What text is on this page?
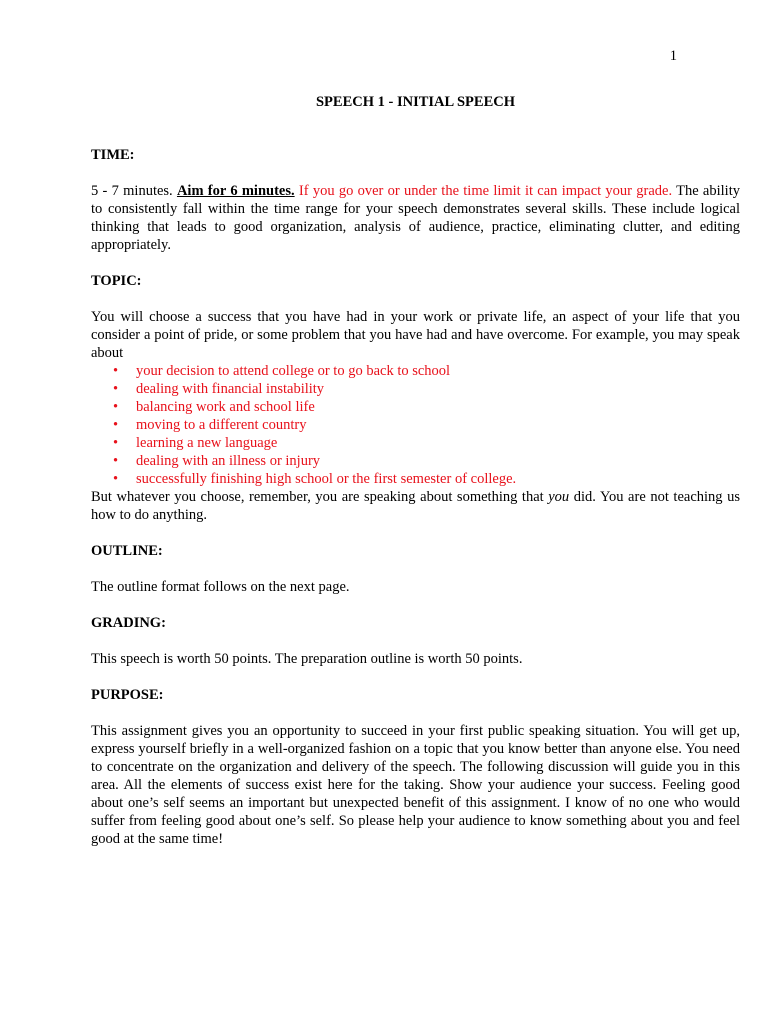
1

SPEECH 1 - INITIAL SPEECH

TIME:

5 - 7 minutes. Aim for 6 minutes. If you go over or under the time limit it can impact your grade. The ability to consistently fall within the time range for your speech demonstrates several skills. These include logical thinking that leads to good organization, analysis of audience, practice, eliminating clutter, and editing appropriately.

TOPIC:

You will choose a success that you have had in your work or private life, an aspect of your life that you consider a point of pride, or some problem that you have had and have overcome. For example, you may speak about

• your decision to attend college or to go back to school
• dealing with financial instability
• balancing work and school life
• moving to a different country
• learning a new language
• dealing with an illness or injury
• successfully finishing high school or the first semester of college.

But whatever you choose, remember, you are speaking about something that you did. You are not teaching us how to do anything.

OUTLINE:

The outline format follows on the next page.

GRADING:

This speech is worth 50 points. The preparation outline is worth 50 points.

PURPOSE:

This assignment gives you an opportunity to succeed in your first public speaking situation. You will get up, express yourself briefly in a well-organized fashion on a topic that you know better than anyone else. You need to concentrate on the organization and delivery of the speech. The following discussion will guide you in this area. All the elements of success exist here for the taking. Show your audience your success. Feeling good about one’s self seems an important but unexpected benefit of this assignment. I know of no one who would suffer from feeling good about one’s self. So please help your audience to know something about you and feel good at the same time!
